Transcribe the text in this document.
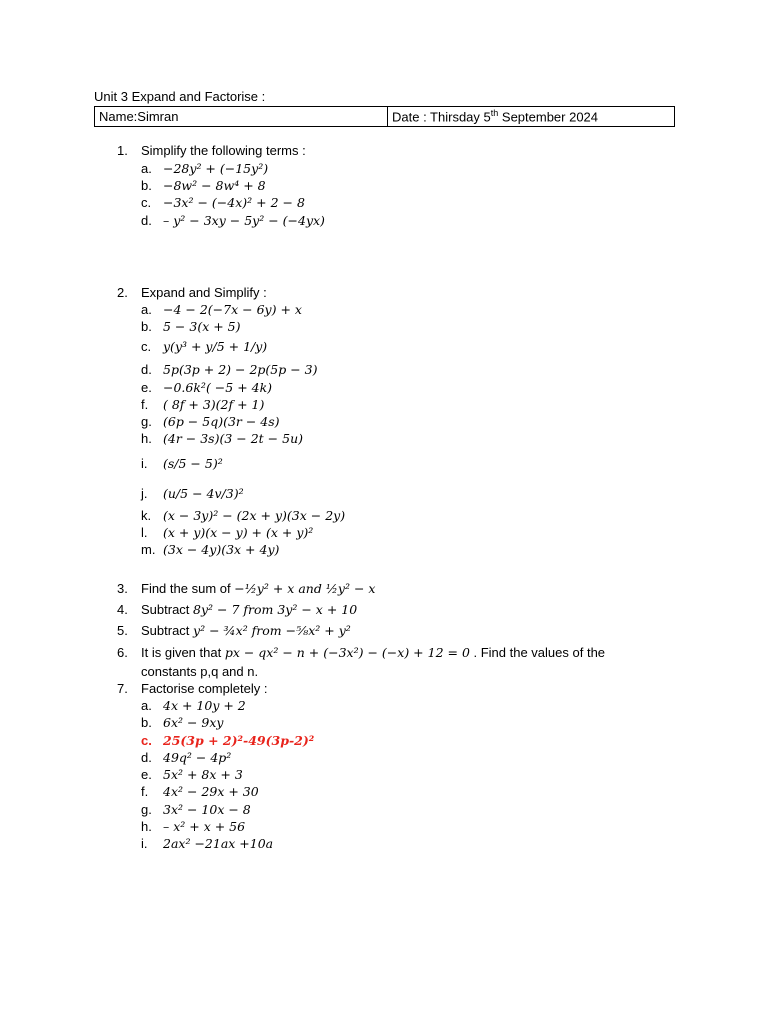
Unit 3 Expand and Factorise :
Name:Simran	Date : Thirsday 5th September 2024
1. Simplify the following terms :
a. −28y² + (−15y²)
b. −8w² − 8w⁴ + 8
c. −3x² − (−4x)² + 2 − 8
d. – y² − 3xy − 5y² − (−4yx)
2. Expand and Simplify :
a. −4 − 2(−7x − 6y) + x
b. 5 − 3(x + 5)
c. y(y³ + y/5 + 1/y)
d. 5p(3p + 2) − 2p(5p − 3)
e. −0.6k²( −5 + 4k)
f. ( 8f + 3)(2f + 1)
g. (6p − 5q)(3r − 4s)
h. (4r − 3s)(3 − 2t − 5u)
i. (s/5 − 5)²
j. (u/5 − 4v/3)²
k. (x − 3y)² − (2x + y)(3x − 2y)
l. (x + y)(x − y) + (x + y)²
m. (3x − 4y)(3x + 4y)
3. Find the sum of −½y² + x and ½y² − x
4. Subtract 8y² − 7 from 3y² − x + 10
5. Subtract y² − ¾x² from −⅝x² + y²
6. It is given that px − qx² − n + (−3x²) − (−x) + 12 = 0 . Find the values of the
constants p,q and n.
7. Factorise completely :
a. 4x + 10y + 2
b. 6x² − 9xy
c. 25(3p + 2)²-49(3p-2)²
d. 49q² − 4p²
e. 5x² + 8x + 3
f. 4x² − 29x + 30
g. 3x² − 10x − 8
h. – x² + x + 56
i. 2ax² −21ax +10a
